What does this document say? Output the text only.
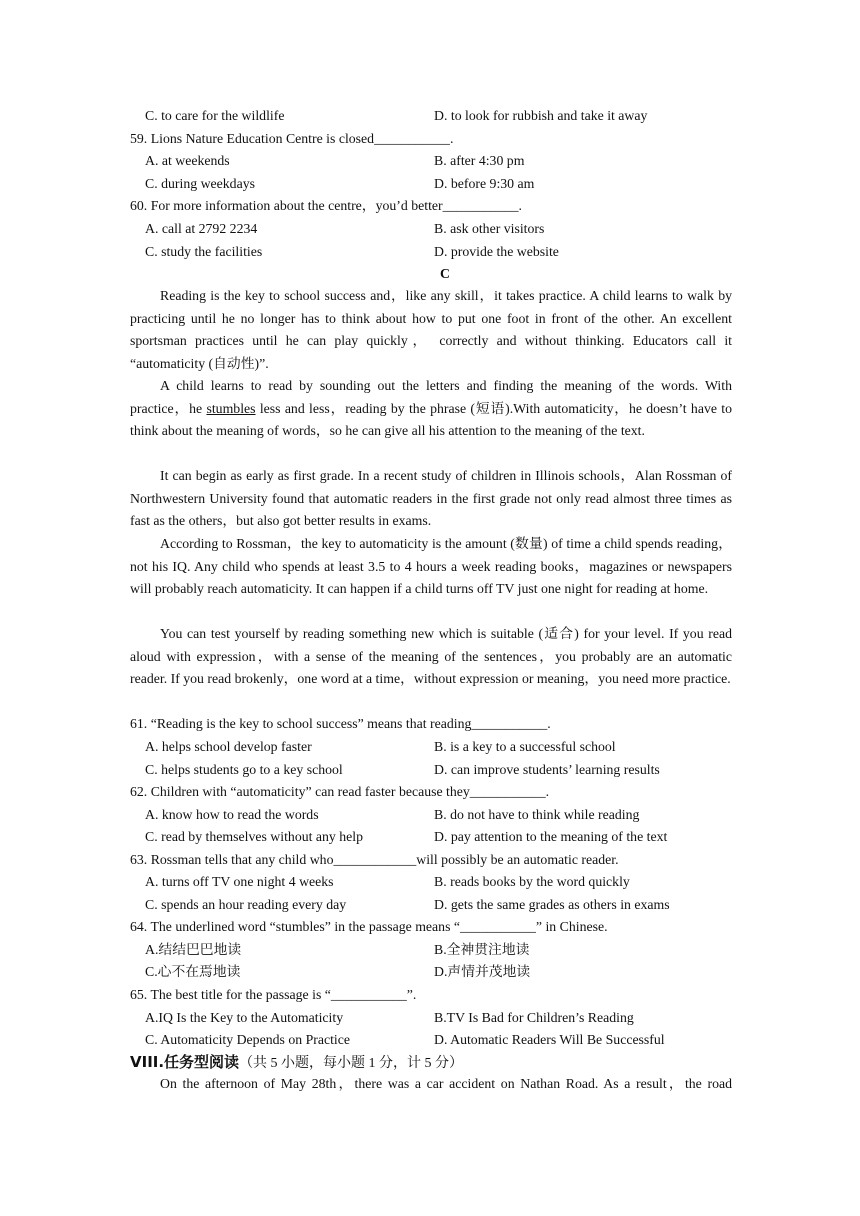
C. to care for the wildlife	D. to look for rubbish and take it away
59. Lions Nature Education Centre is closed___________.
A. at weekends	B. after 4:30 pm
C. during weekdays	D. before 9:30 am
60. For more information about the centre，you’d better___________.
A. call at 2792 2234	B. ask other visitors
C. study the facilities	D. provide the website
C
Reading is the key to school success and，like any skill，it takes practice. A child learns to walk by practicing until he no longer has to think about how to put one foot in front of the other. An excellent sportsman practices until he can play quickly， correctly and without thinking. Educators call it “automaticity (自动性)”.
A child learns to read by sounding out the letters and finding the meaning of the words. With practice，he stumbles less and less，reading by the phrase (短语).With automaticity，he doesn’t have to think about the meaning of words，so he can give all his attention to the meaning of the text.
It can begin as early as first grade. In a recent study of children in Illinois schools，Alan Rossman of Northwestern University found that automatic readers in the first grade not only read almost three times as fast as the others，but also got better results in exams.
According to Rossman，the key to automaticity is the amount (数量) of time a child spends reading， not his IQ. Any child who spends at least 3.5 to 4 hours a week reading books，magazines or newspapers will probably reach automaticity. It can happen if a child turns off TV just one night for reading at home.
You can test yourself by reading something new which is suitable (适合) for your level. If you read aloud with expression，with a sense of the meaning of the sentences，you probably are an automatic reader. If you read brokenly，one word at a time，without expression or meaning，you need more practice.
61. “Reading is the key to school success” means that reading___________.
A. helps school develop faster	B. is a key to a successful school
C. helps students go to a key school	D. can improve students’ learning results
62. Children with “automaticity” can read faster because they___________.
A. know how to read the words	B. do not have to think while reading
C. read by themselves without any help	D. pay attention to the meaning of the text
63. Rossman tells that any child who____________will possibly be an automatic reader.
A. turns off TV one night 4 weeks	B. reads books by the word quickly
C. spends an hour reading every day	D. gets the same grades as others in exams
64. The underlined word “stumbles” in the passage means “___________” in Chinese.
A.结结巴巴地读	B.全神贯注地读
C.心不在焉地读	D.声情并茂地读
65. The best title for the passage is “___________”.
A.IQ Is the Key to the Automaticity	B.TV Is Bad for Children’s Reading
C. Automaticity Depends on Practice	D. Automatic Readers Will Be Successful
VIII.任务型阅读（共 5 小题，每小题 1 分，计 5 分）
On the afternoon of May 28th，there was a car accident on Nathan Road. As a result，the road
